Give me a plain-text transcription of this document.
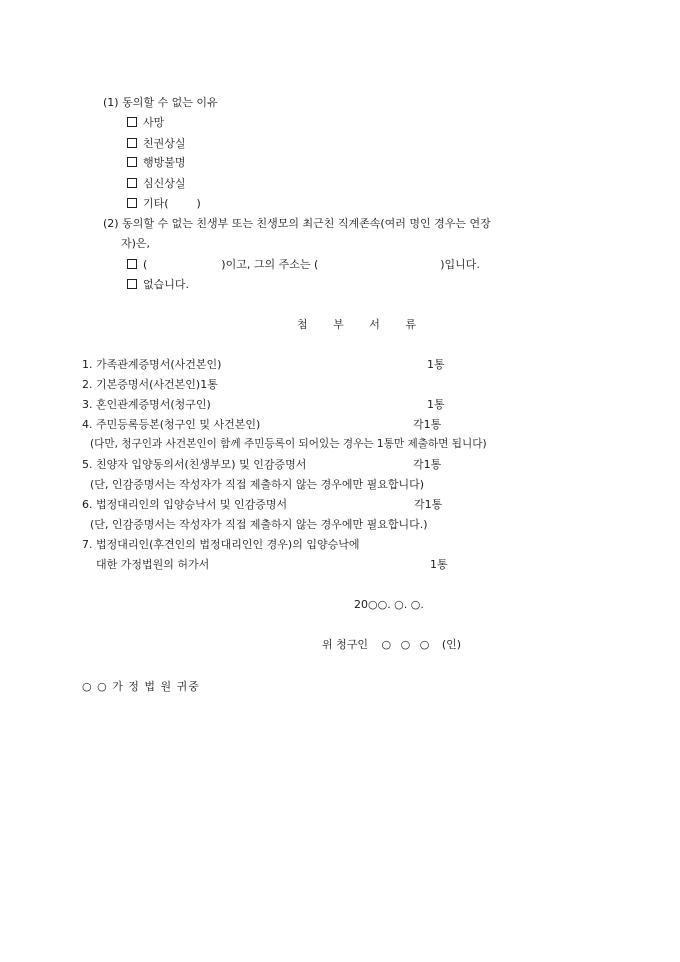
(1) 동의할 수 없는 이유
사망
친권상실
행방불명
심신상실
기타(        )
(2) 동의할 수 없는 친생부 또는 친생모의 최근친 직계존속(여러 명인 경우는 연장
자)은,
(	)이고, 그의 주소는 (	)입니다.
없습니다.
첨 부 서 류
1. 가족관계증명서(사건본인)	1통
2. 기본증명서(사건본인)1통
3. 혼인관계증명서(청구인)	1통
4. 주민등록등본(청구인 및 사건본인)	각1통
(다만, 청구인과 사건본인이 함께 주민등록이 되어있는 경우는 1통만 제출하면 됩니다)
5. 친양자 입양동의서(친생부모) 및 인감증명서	각1통
(단, 인감증명서는 작성자가 직접 제출하지 않는 경우에만 필요합니다)
6. 법정대리인의 입양승낙서 및 인감증명서	각1통
(단, 인감증명서는 작성자가 직접 제출하지 않는 경우에만 필요합니다.)
7. 법정대리인(후견인의 법정대리인인 경우)의 입양승낙에
대한 가정법원의 허가서	1통
20○○. ○. ○.
위 청구인 ○ ○ ○ (인)
○ ○ 가 정 법 원 귀중
